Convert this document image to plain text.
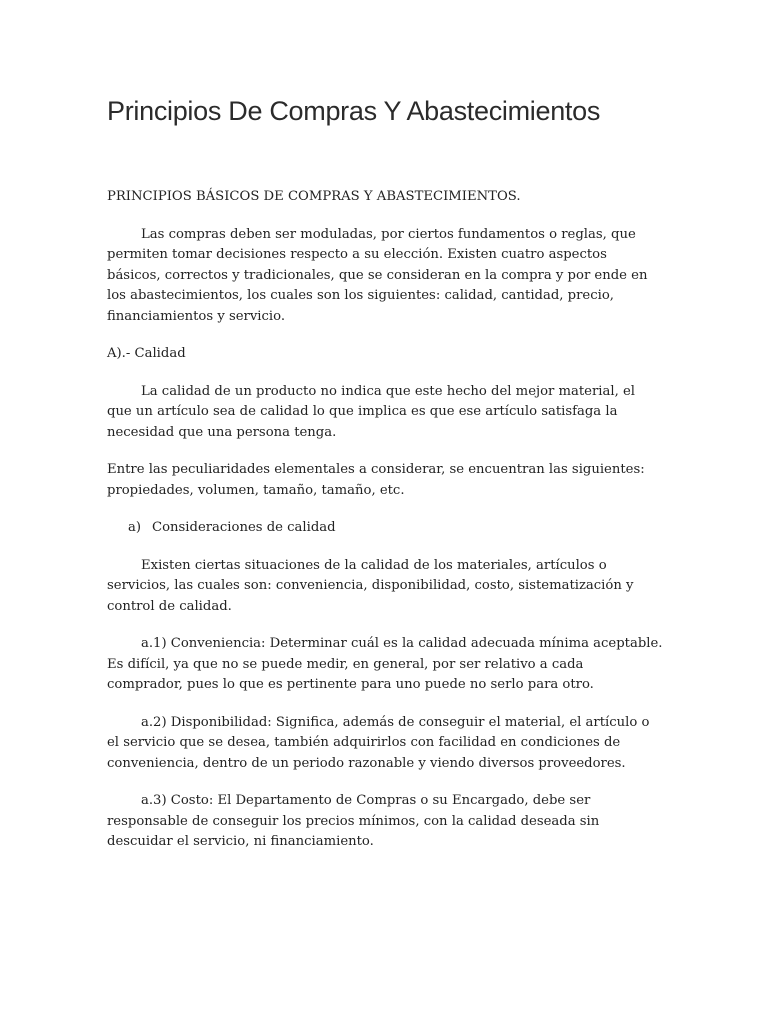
Principios De Compras Y Abastecimientos

PRINCIPIOS BÁSICOS DE COMPRAS Y ABASTECIMIENTOS.

Las compras deben ser moduladas, por ciertos fundamentos o reglas, que permiten tomar decisiones respecto a su elección. Existen cuatro aspectos básicos, correctos y tradicionales, que se consideran en la compra y por ende en los abastecimientos, los cuales son los siguientes: calidad, cantidad, precio, financiamientos y servicio.

A).- Calidad

La calidad de un producto no indica que este hecho del mejor material, el que un artículo sea de calidad lo que implica es que ese artículo satisfaga la necesidad que una persona tenga.

Entre las peculiaridades elementales a considerar, se encuentran las siguientes: propiedades, volumen, tamaño, tamaño, etc.

a) Consideraciones de calidad

Existen ciertas situaciones de la calidad de los materiales, artículos o servicios, las cuales son: conveniencia, disponibilidad, costo, sistematización y control de calidad.

a.1) Conveniencia: Determinar cuál es la calidad adecuada mínima aceptable. Es difícil, ya que no se puede medir, en general, por ser relativo a cada comprador, pues lo que es pertinente para uno puede no serlo para otro.

a.2) Disponibilidad: Significa, además de conseguir el material, el artículo o el servicio que se desea, también adquirirlos con facilidad en condiciones de conveniencia, dentro de un periodo razonable y viendo diversos proveedores.

a.3) Costo: El Departamento de Compras o su Encargado, debe ser responsable de conseguir los precios mínimos, con la calidad deseada sin descuidar el servicio, ni financiamiento.
